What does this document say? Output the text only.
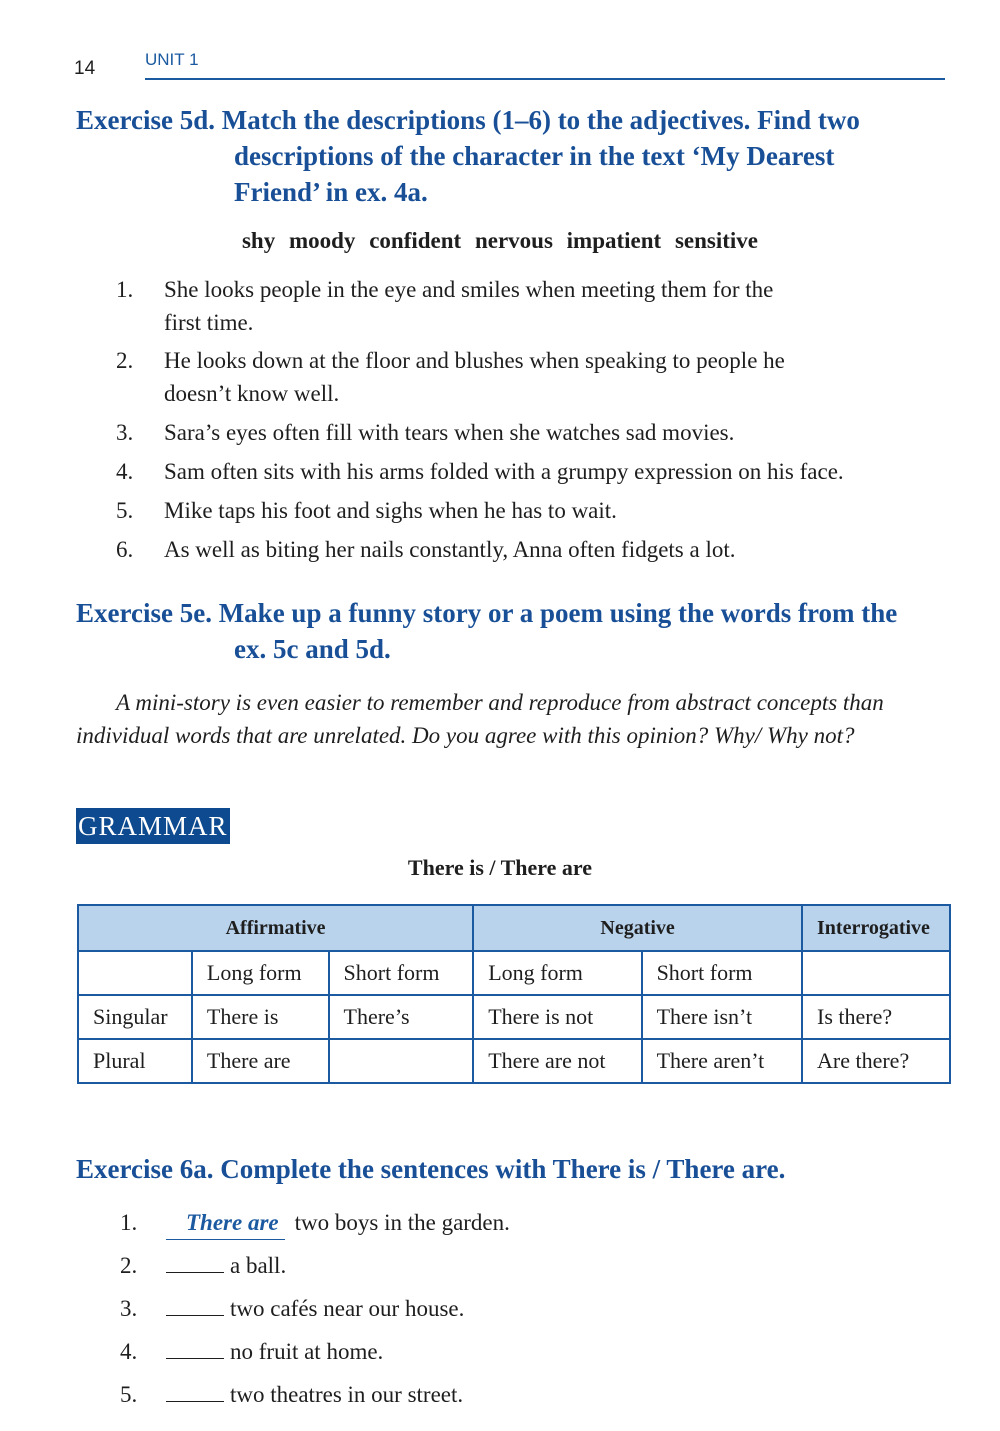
14	UNIT 1
Exercise 5d. Match the descriptions (1–6) to the adjectives. Find two
descriptions of the character in the text ‘My Dearest
Friend’ in ex. 4a.
shy moody confident nervous impatient sensitive
1.	She looks people in the eye and smiles when meeting them for the
first time.
2.	He looks down at the floor and blushes when speaking to people he
doesn’t know well.
3.	Sara’s eyes often fill with tears when she watches sad movies.
4.	Sam often sits with his arms folded with a grumpy expression on his face.
5.	Mike taps his foot and sighs when he has to wait.
6.	As well as biting her nails constantly, Anna often fidgets a lot.
Exercise 5e. Make up a funny story or a poem using the words from the
ex. 5c and 5d.
A mini-story is even easier to remember and reproduce from abstract concepts than individual words that are unrelated. Do you agree with this opinion? Why/ Why not?
GRAMMAR
There is / There are
Affirmative			Negative		Interrogative
	Long form	Short form	Long form	Short form	
Singular	There is	There’s	There is not	There isn’t	Is there?
Plural	There are		There are not	There aren’t	Are there?
Exercise 6a. Complete the sentences with There is / There are.
1.	There are two boys in the garden.
2.	a ball.
3.	two cafés near our house.
4.	no fruit at home.
5.	two theatres in our street.
